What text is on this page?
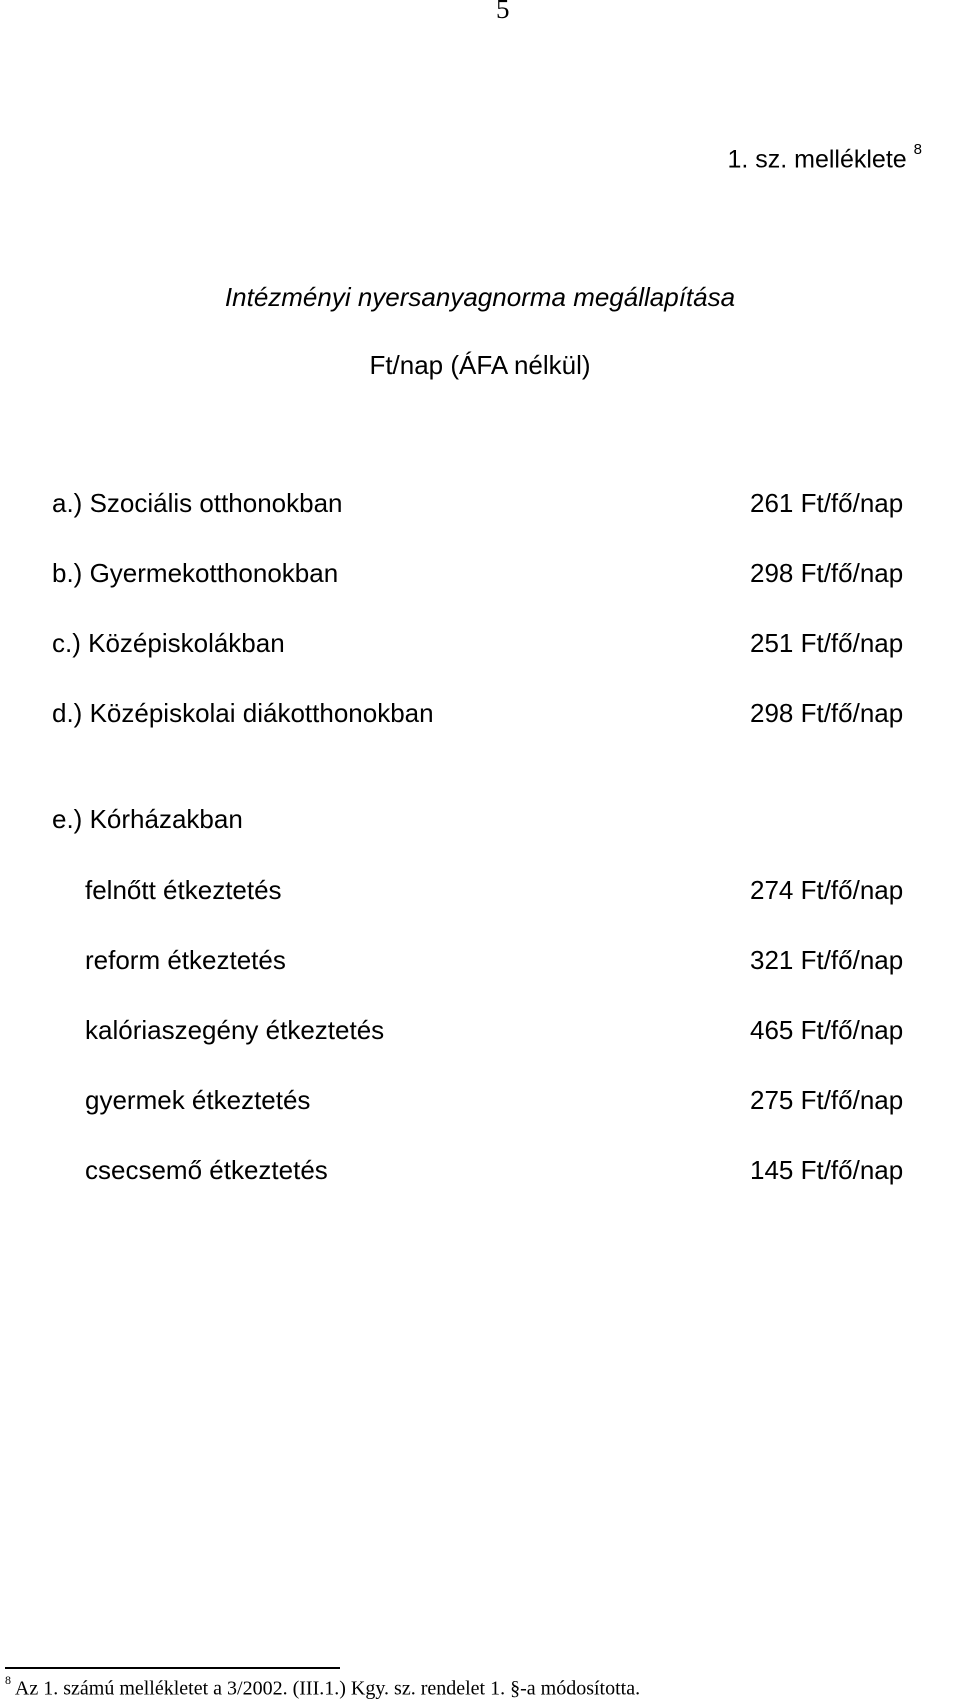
5
1. sz. melléklete $^8$
Intézményi nyersanyagnorma megállapítása
Ft/nap (ÁFA nélkül)
a.) Szociális otthonokban	261 Ft/fő/nap
b.) Gyermekotthonokban	298 Ft/fő/nap
c.) Középiskolákban	251 Ft/fő/nap
d.) Középiskolai diákotthonokban	298 Ft/fő/nap
e.) Kórházakban
felnőtt étkeztetés	274 Ft/fő/nap
reform étkeztetés	321 Ft/fő/nap
kalóriaszegény étkeztetés	465 Ft/fő/nap
gyermek étkeztetés	275 Ft/fő/nap
csecsemő étkeztetés	145 Ft/fő/nap
$^8$ Az 1. számú mellékletet a 3/2002. (III.1.) Kgy. sz. rendelet 1. §-a módosította.
